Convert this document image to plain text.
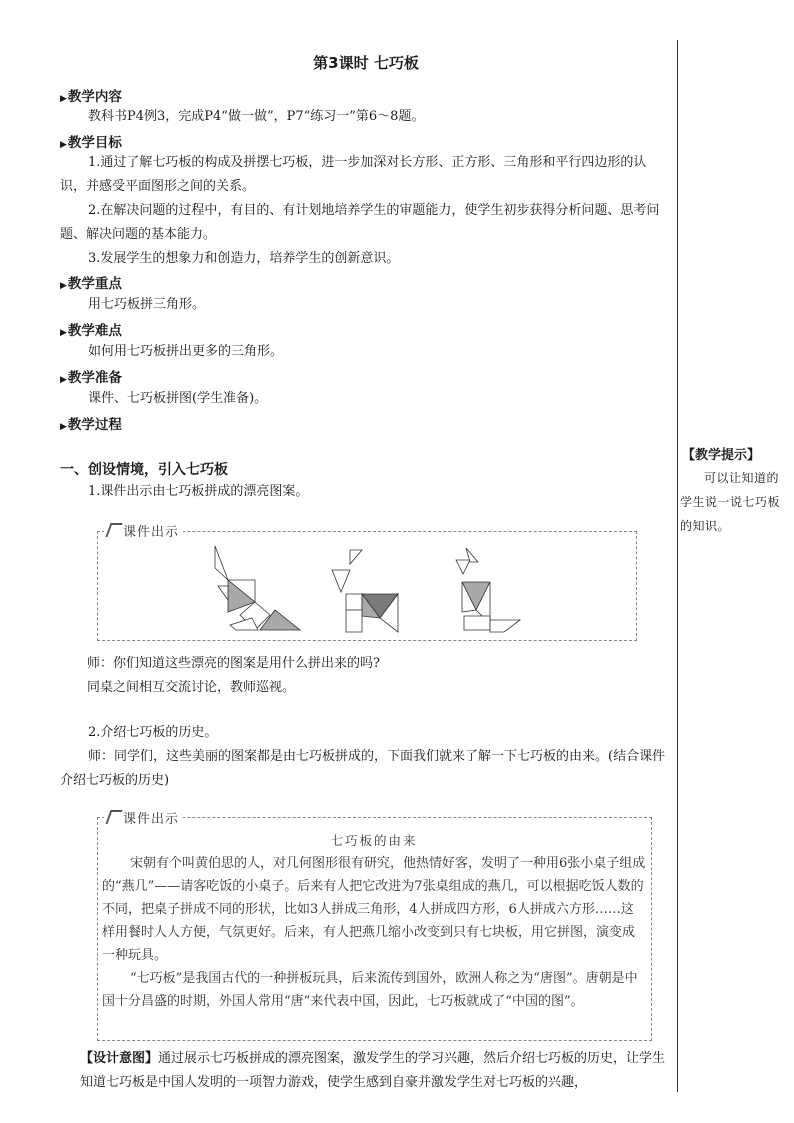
第3课时 七巧板
▶教学内容
教科书P4例3，完成P4“做一做”，P7“练习一”第6～8题。
▶教学目标
1.通过了解七巧板的构成及拼摆七巧板，进一步加深对长方形、正方形、三角形和平行四边形的认识，并感受平面图形之间的关系。
2.在解决问题的过程中，有目的、有计划地培养学生的审题能力，使学生初步获得分析问题、思考问题、解决问题的基本能力。
3.发展学生的想象力和创造力，培养学生的创新意识。
▶教学重点
用七巧板拼三角形。
▶教学难点
如何用七巧板拼出更多的三角形。
▶教学准备
课件、七巧板拼图(学生准备)。
▶教学过程
一、创设情境，引入七巧板
1.课件出示由七巧板拼成的漂亮图案。
课件出示
师：你们知道这些漂亮的图案是用什么拼出来的吗?
同桌之间相互交流讨论，教师巡视。
2.介绍七巧板的历史。
师：同学们，这些美丽的图案都是由七巧板拼成的，下面我们就来了解一下七巧板的由来。(结合课件介绍七巧板的历史)
课件出示
七巧板的由来
宋朝有个叫黄伯思的人，对几何图形很有研究，他热情好客，发明了一种用6张小桌子组成的“燕几”——请客吃饭的小桌子。后来有人把它改进为7张桌组成的燕几，可以根据吃饭人数的不同，把桌子拼成不同的形状，比如3人拼成三角形，4人拼成四方形，6人拼成六方形……这样用餐时人人方便，气氛更好。后来，有人把燕几缩小改变到只有七块板，用它拼图，演变成一种玩具。
“七巧板”是我国古代的一种拼板玩具，后来流传到国外，欧洲人称之为“唐图”。唐朝是中国十分昌盛的时期，外国人常用“唐”来代表中国，因此，七巧板就成了“中国的图”。
【设计意图】通过展示七巧板拼成的漂亮图案，激发学生的学习兴趣，然后介绍七巧板的历史，让学生知道七巧板是中国人发明的一项智力游戏，使学生感到自豪并激发学生对七巧板的兴趣，
【教学提示】
可以让知道的学生说一说七巧板的知识。
